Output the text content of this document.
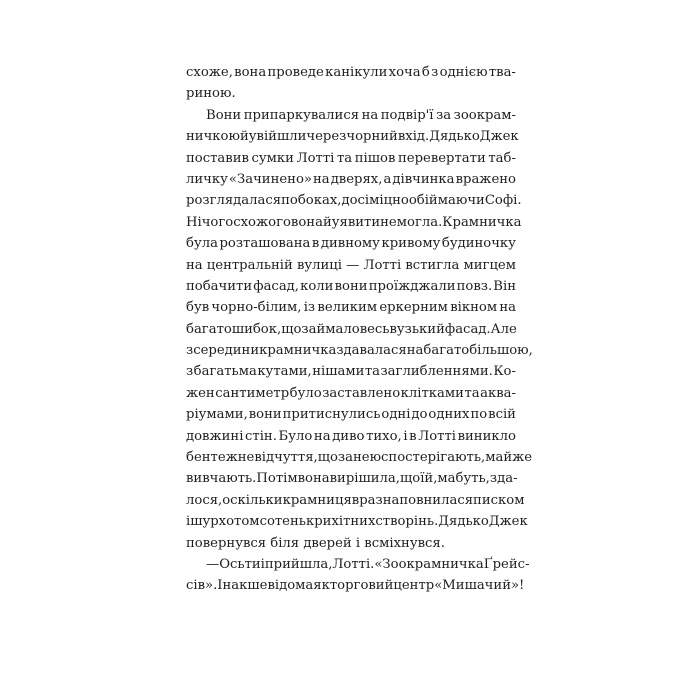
схоже, вона проведе канікули хоча б з однією тва-
риною.
Вони припаркувалися на подвір'ї за зоокрам-
ничкою й увійшли через чорний вхід. Дядько Джек
поставив сумки Лотті та пішов перевертати таб-
личку «Зачинено» на дверях, а дівчинка вражено
розглядалася по боках, досі міцно обіймаючи Софі.
Нічого схожого вона й уявити не могла. Крамничка
була розташована в дивному кривому будиночку
на центральній вулиці — Лотті встигла мигцем
побачити фасад, коли вони проїжджали повз. Він
був чорно-білим, із великим еркерним вікном на
багато шибок, що займало весь вузький фасад. Але
зсередини крамничка здавалася набагато більшою,
з багатьма кутами, нішами та заглибленнями. Ко-
жен сантиметр було заставлено клітками та аква-
ріумами, вони притиснулись одні до одних по всій
довжині стін. Було на диво тихо, і в Лотті виникло
бентежне відчуття, що за нею спостерігають, майже
вивчають. Потім вона вирішила, що їй, мабуть, зда-
лося, оскільки крамниця враз наповнилася писком
і шурхотом сотень крихітних створінь. Дядько Джек
повернувся біля дверей і всміхнувся.
— Ось ти і прийшла, Лотті. «Зоокрамничка Ґрейс-
сів». Інакше відома як торговий центр «Мишачий»!
